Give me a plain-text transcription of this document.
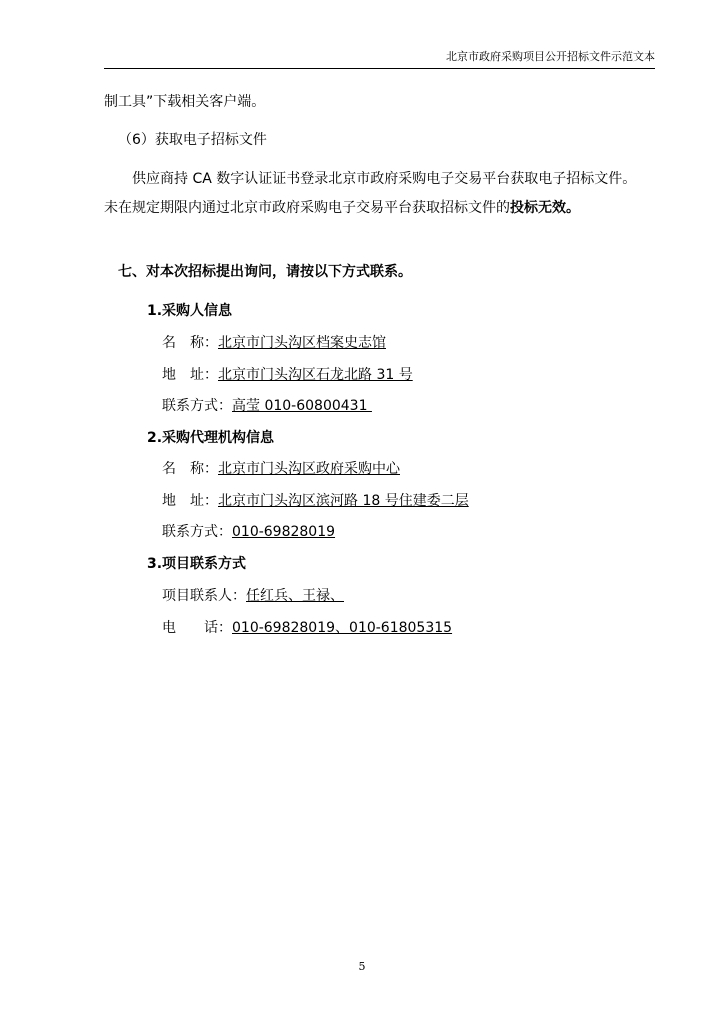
北京市政府采购项目公开招标文件示范文本
制工具”下载相关客户端。
（6）获取电子招标文件
供应商持 CA 数字认证证书登录北京市政府采购电子交易平台获取电子招标文件。
未在规定期限内通过北京市政府采购电子交易平台获取招标文件的投标无效。
七、对本次招标提出询问，请按以下方式联系。
1.采购人信息
名　称：北京市门头沟区档案史志馆
地　址：北京市门头沟区石龙北路 31 号
联系方式：高莹 010-60800431
2.采购代理机构信息
名　称：北京市门头沟区政府采购中心
地　址：北京市门头沟区滨河路 18 号住建委二层
联系方式：010-69828019
3.项目联系方式
项目联系人：任红兵、王禄、
电　　话：010-69828019、010-61805315
5
